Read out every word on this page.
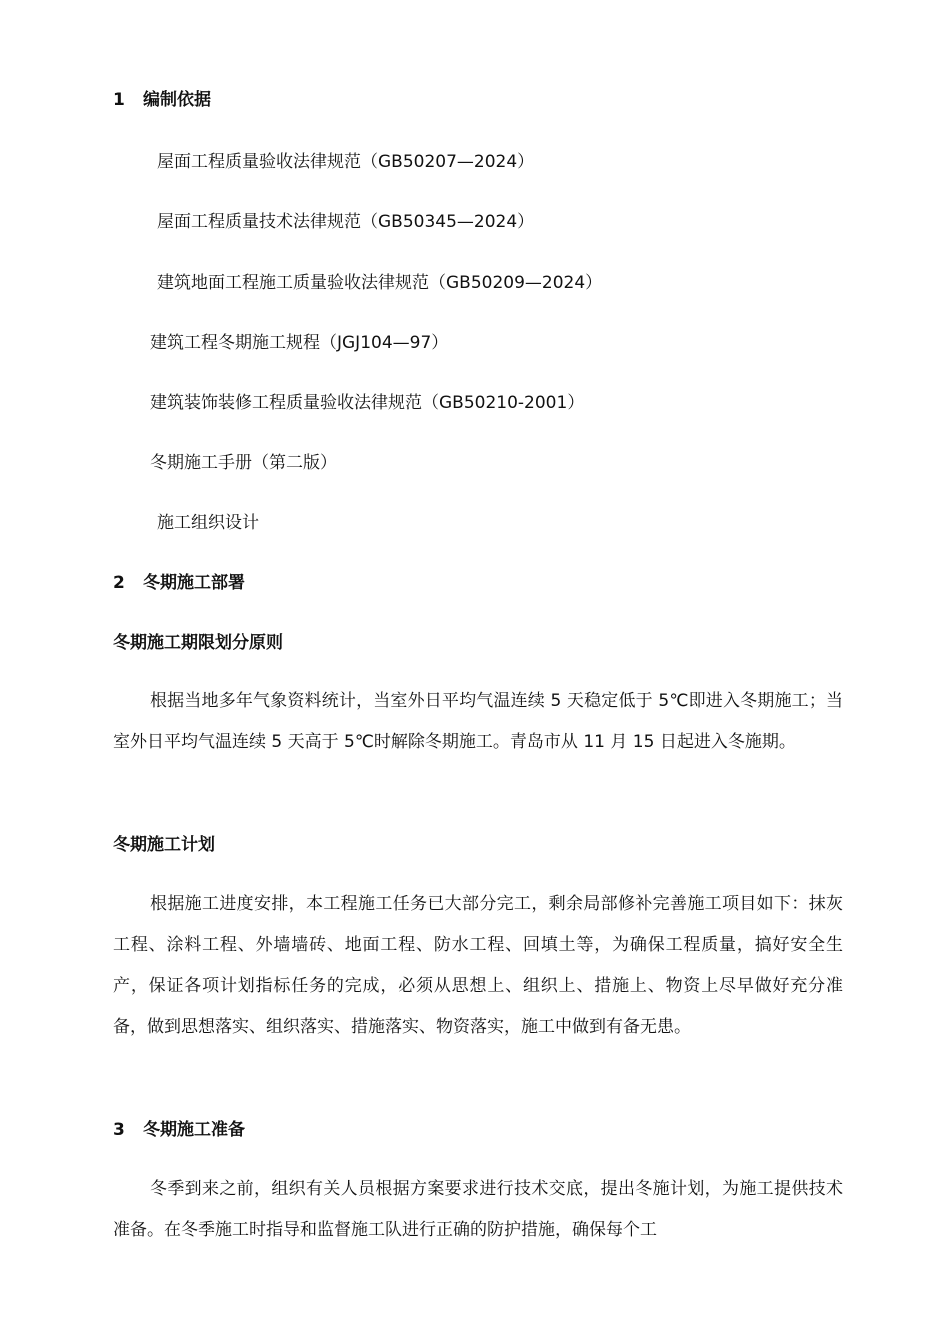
1 编制依据
屋面工程质量验收法律规范（GB50207—2024）
屋面工程质量技术法律规范（GB50345—2024）
建筑地面工程施工质量验收法律规范（GB50209—2024）
建筑工程冬期施工规程（JGJ104—97）
建筑装饰装修工程质量验收法律规范（GB50210-2001）
冬期施工手册（第二版）
施工组织设计
2 冬期施工部署
冬期施工期限划分原则
根据当地多年气象资料统计，当室外日平均气温连续 5 天稳定低于 5℃即进入冬期施工；当室外日平均气温连续 5 天高于 5℃时解除冬期施工。青岛市从 11 月 15 日起进入冬施期。
冬期施工计划
根据施工进度安排，本工程施工任务已大部分完工，剩余局部修补完善施工项目如下：抹灰工程、涂料工程、外墙墙砖、地面工程、防水工程、回填土等，为确保工程质量，搞好安全生产，保证各项计划指标任务的完成，必须从思想上、组织上、措施上、物资上尽早做好充分准备，做到思想落实、组织落实、措施落实、物资落实，施工中做到有备无患。
3 冬期施工准备
冬季到来之前，组织有关人员根据方案要求进行技术交底，提出冬施计划，为施工提供技术准备。在冬季施工时指导和监督施工队进行正确的防护措施，确保每个工
